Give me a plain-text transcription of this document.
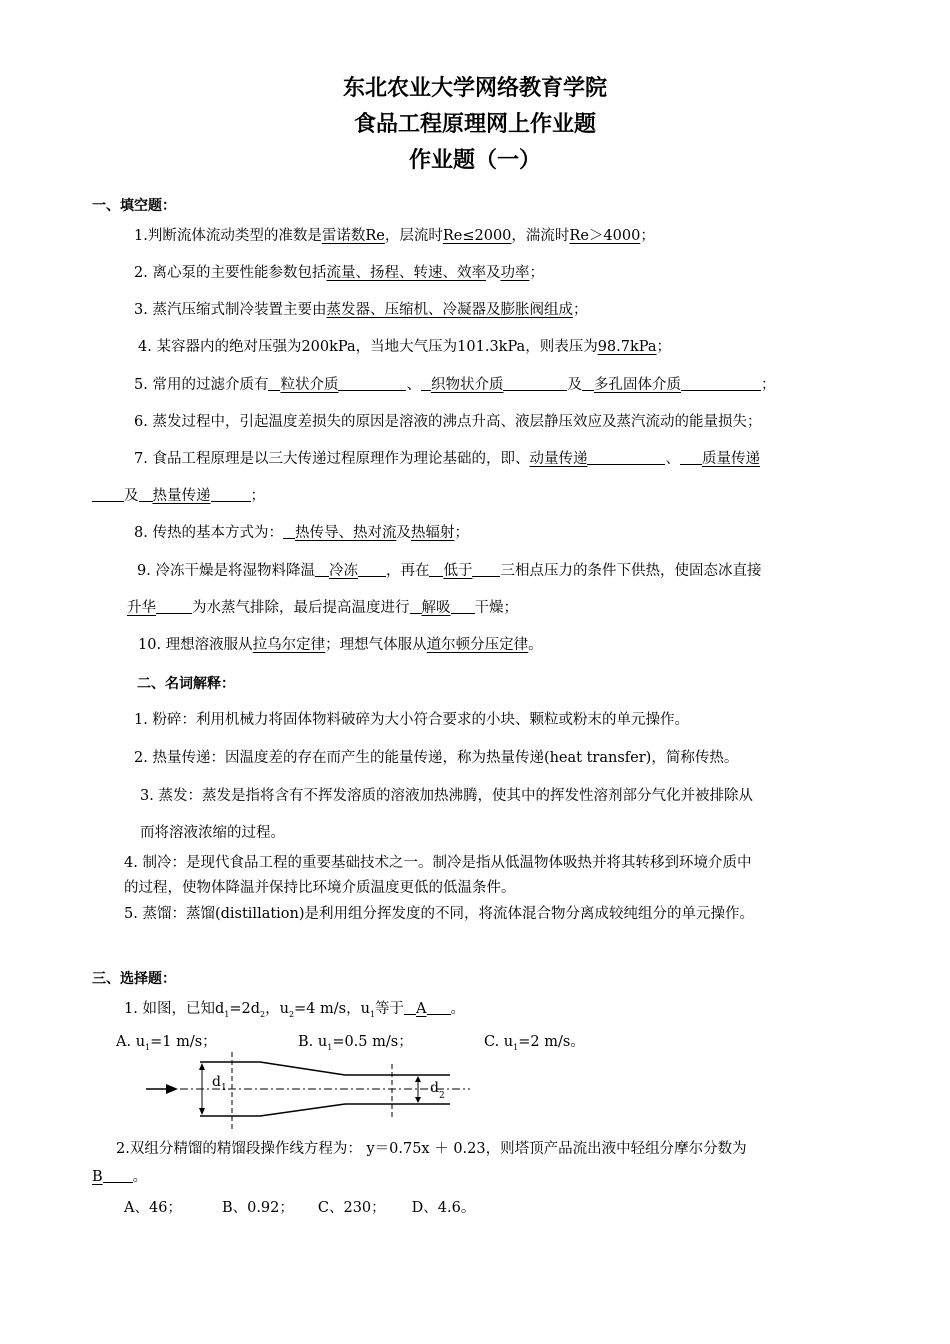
东北农业大学网络教育学院
食品工程原理网上作业题
作业题（一）
一、填空题：
1.判断流体流动类型的准数是雷诺数Re，层流时Re≤2000，湍流时Re＞4000；
2. 离心泵的主要性能参数包括流量、扬程、转速、效率及功率；
3. 蒸汽压缩式制冷装置主要由蒸发器、压缩机、冷凝器及膨胀阀组成；
4. 某容器内的绝对压强为200kPa，当地大气压为101.3kPa，则表压为98.7kPa；
5. 常用的过滤介质有 粒状介质	、 织物状介质	及 多孔固体介质	；
6. 蒸发过程中，引起温度差损失的原因是溶液的沸点升高、液层静压效应及蒸汽流动的能量损失；
7. 食品工程原理是以三大传递过程原理作为理论基础的，即、动量传递	、 质量传递
及 热量传递	；
8. 传热的基本方式为： 热传导、热对流及热辐射；
9. 冷冻干燥是将湿物料降温 冷冻 ，再在 低于 三相点压力的条件下供热，使固态冰直接
升华 为水蒸气排除，最后提高温度进行 解吸 干燥；
10. 理想溶液服从拉乌尔定律；理想气体服从道尔顿分压定律。
二、名词解释：
1. 粉碎：利用机械力将固体物料破碎为大小符合要求的小块、颗粒或粉末的单元操作。
2. 热量传递：因温度差的存在而产生的能量传递，称为热量传递(heat transfer)，简称传热。
3. 蒸发：蒸发是指将含有不挥发溶质的溶液加热沸腾，使其中的挥发性溶剂部分气化并被排除从
而将溶液浓缩的过程。
4. 制冷：是现代食品工程的重要基础技术之一。制冷是指从低温物体吸热并将其转移到环境介质中
的过程，使物体降温并保持比环境介质温度更低的低温条件。
5. 蒸馏：蒸馏(distillation)是利用组分挥发度的不同，将流体混合物分离成较纯组分的单元操作。
三、选择题：
1. 如图，已知$d_1=2d_2$，$u_2=4$ m/s，$u_1$等于 A 。
A. $u_1=1$ m/s；	B. $u_1=0.5$ m/s；	C. $u_1=2$ m/s。
$d_1$	$d_2$
2.双组分精馏的精馏段操作线方程为： y＝0.75x ＋ 0.23，则塔顶产品流出液中轻组分摩尔分数为
B 。
A、46；	B、0.92； C、230； D、4.6。
